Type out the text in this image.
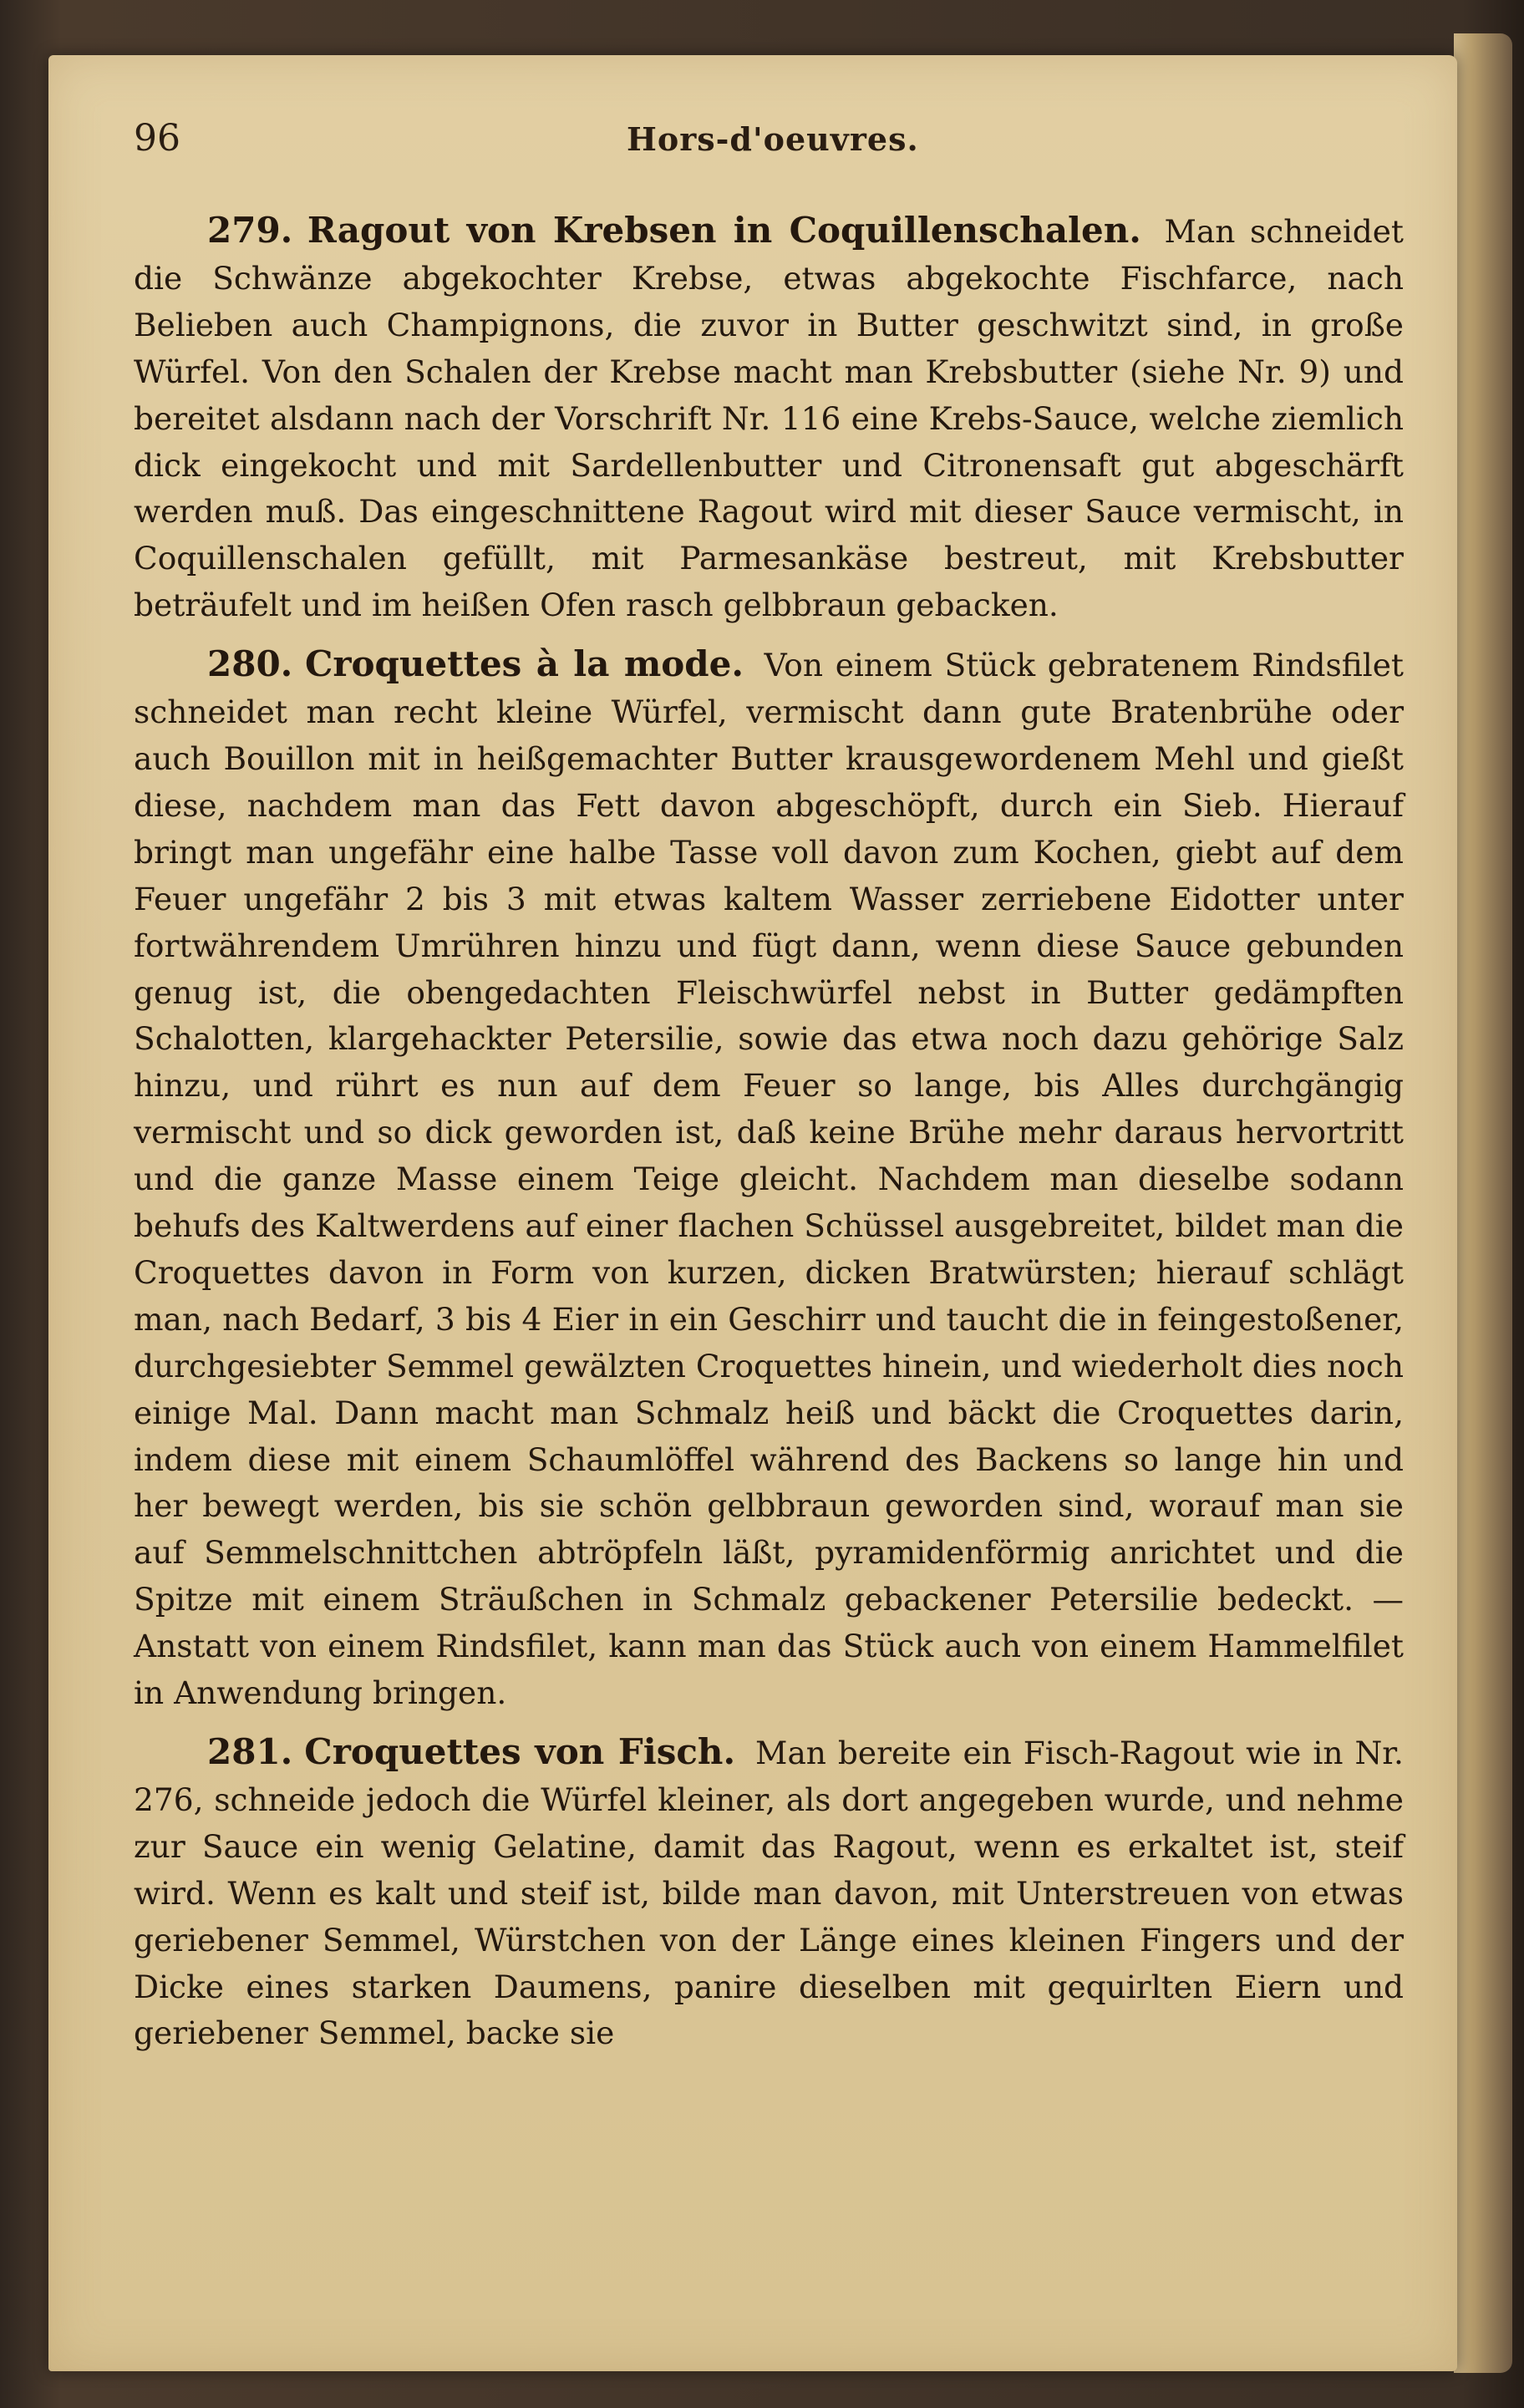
96	Hors-d'oeuvres.

279. Ragout von Krebsen in Coquillenschalen. Man schneidet die Schwänze abgekochter Krebse, etwas abgekochte Fischfarce, nach Belieben auch Champignons, die zuvor in Butter geschwitzt sind, in große Würfel. Von den Schalen der Krebse macht man Krebsbutter (siehe Nr. 9) und bereitet alsdann nach der Vorschrift Nr. 116 eine Krebs-Sauce, welche ziemlich dick eingekocht und mit Sardellenbutter und Citronensaft gut abgeschärft werden muß. Das eingeschnittene Ragout wird mit dieser Sauce vermischt, in Coquillenschalen gefüllt, mit Parmesankäse bestreut, mit Krebsbutter beträufelt und im heißen Ofen rasch gelbbraun gebacken.

280. Croquettes à la mode. Von einem Stück gebratenem Rindsfilet schneidet man recht kleine Würfel, vermischt dann gute Bratenbrühe oder auch Bouillon mit in heißgemachter Butter krausgewordenem Mehl und gießt diese, nachdem man das Fett davon abgeschöpft, durch ein Sieb. Hierauf bringt man ungefähr eine halbe Tasse voll davon zum Kochen, giebt auf dem Feuer ungefähr 2 bis 3 mit etwas kaltem Wasser zerriebene Eidotter unter fortwährendem Umrühren hinzu und fügt dann, wenn diese Sauce gebunden genug ist, die obengedachten Fleischwürfel nebst in Butter gedämpften Schalotten, klargehackter Petersilie, sowie das etwa noch dazu gehörige Salz hinzu, und rührt es nun auf dem Feuer so lange, bis Alles durchgängig vermischt und so dick geworden ist, daß keine Brühe mehr daraus hervortritt und die ganze Masse einem Teige gleicht. Nachdem man dieselbe sodann behufs des Kaltwerdens auf einer flachen Schüssel ausgebreitet, bildet man die Croquettes davon in Form von kurzen, dicken Bratwürsten; hierauf schlägt man, nach Bedarf, 3 bis 4 Eier in ein Geschirr und taucht die in feingestoßener, durchgesiebter Semmel gewälzten Croquettes hinein, und wiederholt dies noch einige Mal. Dann macht man Schmalz heiß und bäckt die Croquettes darin, indem diese mit einem Schaumlöffel während des Backens so lange hin und her bewegt werden, bis sie schön gelbbraun geworden sind, worauf man sie auf Semmelschnittchen abtröpfeln läßt, pyramidenförmig anrichtet und die Spitze mit einem Sträußchen in Schmalz gebackener Petersilie bedeckt. — Anstatt von einem Rindsfilet, kann man das Stück auch von einem Hammelfilet in Anwendung bringen.

281. Croquettes von Fisch. Man bereite ein Fisch-Ragout wie in Nr. 276, schneide jedoch die Würfel kleiner, als dort angegeben wurde, und nehme zur Sauce ein wenig Gelatine, damit das Ragout, wenn es erkaltet ist, steif wird. Wenn es kalt und steif ist, bilde man davon, mit Unterstreuen von etwas geriebener Semmel, Würstchen von der Länge eines kleinen Fingers und der Dicke eines starken Daumens, panire dieselben mit gequirlten Eiern und geriebener Semmel, backe sie
